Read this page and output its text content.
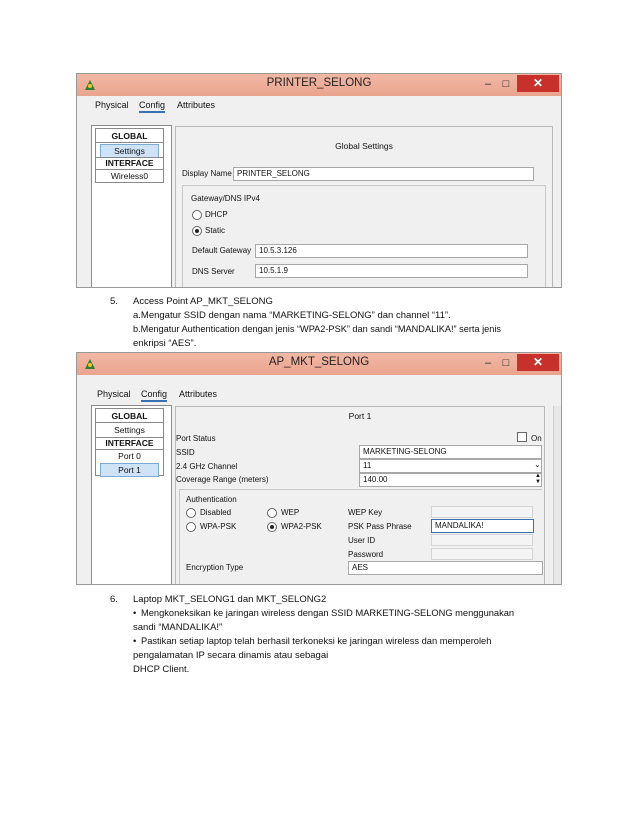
PRINTER_SELONG	–	□	✕
Physical Config Attributes
GLOBAL
Settings
INTERFACE
Wireless0
Global Settings
Display Name PRINTER_SELONG
Gateway/DNS IPv4
DHCP
Static
Default Gateway 10.5.3.126
DNS Server	10.5.1.9
5. Access Point AP_MKT_SELONG
a.Mengatur SSID dengan nama “MARKETING-SELONG” dan channel “11”.
b.Mengatur Authentication dengan jenis “WPA2-PSK” dan sandi “MANDALIKA!” serta jenis
enkripsi “AES”.
AP_MKT_SELONG	–	□	✕
Physical Config Attributes
GLOBAL
Settings
INTERFACE
Port 0
Port 1
Port 1
Port Status	On
SSID	MARKETING-SELONG
2.4 GHz Channel	11	⌄
Coverage Range (meters)	140.00	▲
▼
Authentication
Disabled	WEP
WPA-PSK	WPA2-PSK
WEP Key
PSK Pass Phrase	MANDALIKA!
User ID
Password
Encryption Type	AES
6. Laptop MKT_SELONG1 dan MKT_SELONG2
• Mengkoneksikan ke jaringan wireless dengan SSID MARKETING-SELONG menggunakan
sandi “MANDALIKA!”
• Pastikan setiap laptop telah berhasil terkoneksi ke jaringan wireless dan memperoleh
pengalamatan IP secara dinamis atau sebagai
DHCP Client.
